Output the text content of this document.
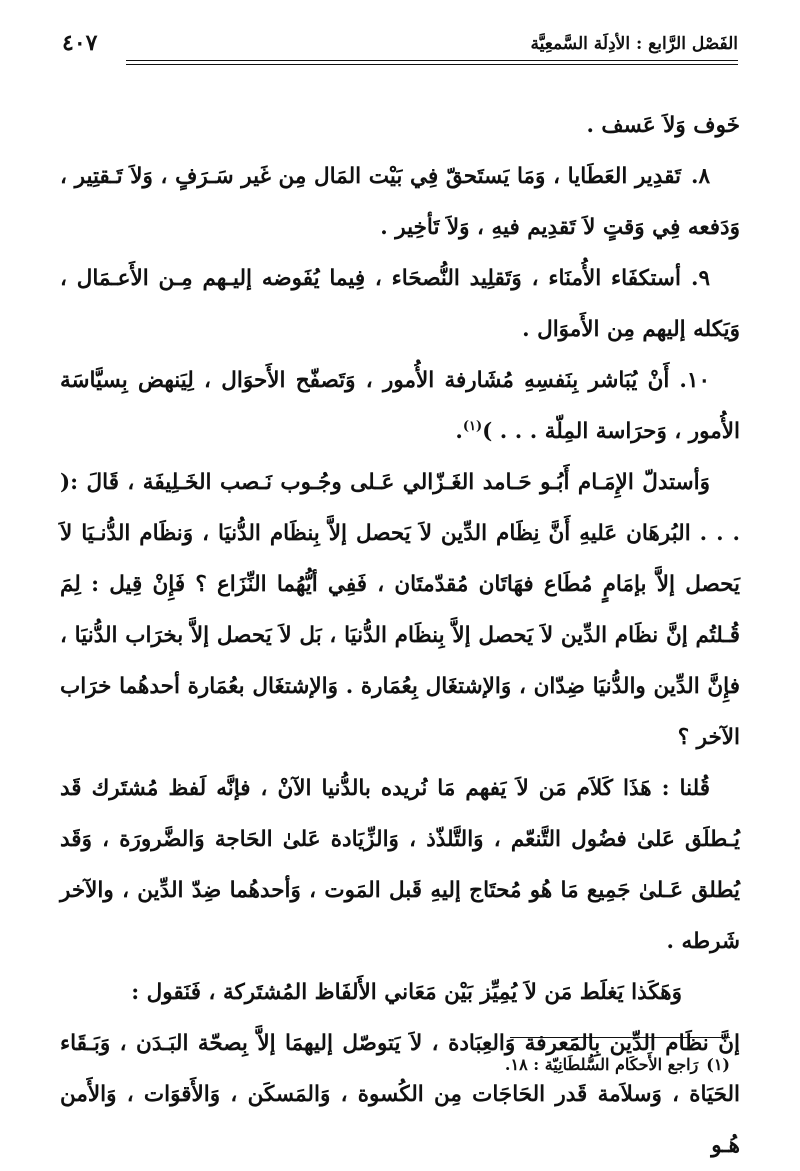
الفَصْل الرَّابع : الأدِلَة السَّمعِيَّة
٤٠٧

خَوف وَلاَ عَسف .

٨.تَقدِير العَطَايا ، وَمَا يَستَحقّ فِي بَيْت المَال مِن غَير سَـرَفٍ ، وَلاَ تَـقتِير ، وَدَفعه فِي وَقتٍ لاَ تَقدِيم فيهِ ، وَلاَ تَأخِير .

٩.أستكفَاء الأُمنَاء ، وَتَقلِيد النُّصحَاء ، فِيما يُفَوضه إليـهم مِـن الأَعـمَال ، وَيَكله إليهم مِن الأَموَال .

١٠.أَنْ يُبَاشر بِنَفسِهِ مُشَارفة الأُمور ، وَتَصفّح الأَحوَال ، لِيَنهض بِسيَّاسَة الأُمور ، وَحرَاسة المِلّة . . . )$^{(١)}$.

وَأستدلّ الإِمَـام أَبُـو حَـامد الغَـزّالي عَـلى وجُـوب نَـصب الخَـلِيفَة ، قَالَ :( . . . البُرهَان عَليهِ أَنَّ نِظَام الدِّين لاَ يَحصل إلاَّ بِنظَام الدُّنيَا ، وَنظَام الدُّنـيَا لاَ يَحصل إلاَّ بإمَامٍ مُطَاع فهَاتَان مُقدّمتَان ، فَفِي أيُّهُما النِّزَاع ؟ فَإِنْ قِيل : لِمَ قُـلتُم إنَّ نظَام الدِّين لاَ يَحصل إلاَّ بِنظَام الدُّنيَا ، بَل لاَ يَحصل إلاَّ بخرَاب الدُّنيَا ، فإِنَّ الدِّين والدُّنيَا ضِدّان ، وَالإشتغَال بِعُمَارة . وَالإشتغَال بعُمَارة أحدهُما خرَاب الآخر ؟

قُلنا : هَذَا كَلاَم مَن لاَ يَفهم مَا نُريده بالدُّنيا الآنْ ، فإنَّه لَفظ مُشتَرك قَد يُـطلَق عَلىٰ فضُول التَّنعّم ، وَالتَّلذّذ ، وَالزِّيَادة عَلىٰ الحَاجة وَالضَّرورَة ، وَقَد يُطلق عَـلىٰ جَمِيع مَا هُو مُحتَاج إليهِ قَبل المَوت ، وَأحدهُما ضِدّ الدِّين ، والآخر شَرطه .

وَهَكَذا يَغلَط مَن لاَ يُمِيِّز بَيْن مَعَاني الأَلفَاظ المُشتَركة ، فَنَقول :

إنَّ نظَام الدِّين بِالمَعرفة وَالعِبَادة ، لاَ يَتوصّل إليهمَا إلاَّ بِصحّة البَـدَن ، وَبَـقَاء الحَيَاة ، وَسلاَمة قَدر الحَاجَات مِن الكُسوة ، وَالمَسكَن ، وَالأَقوَات ، وَالأَمن هُـو

(١)رَاجع الأَحكَام السُّلطَانِيّة : ١٨.
